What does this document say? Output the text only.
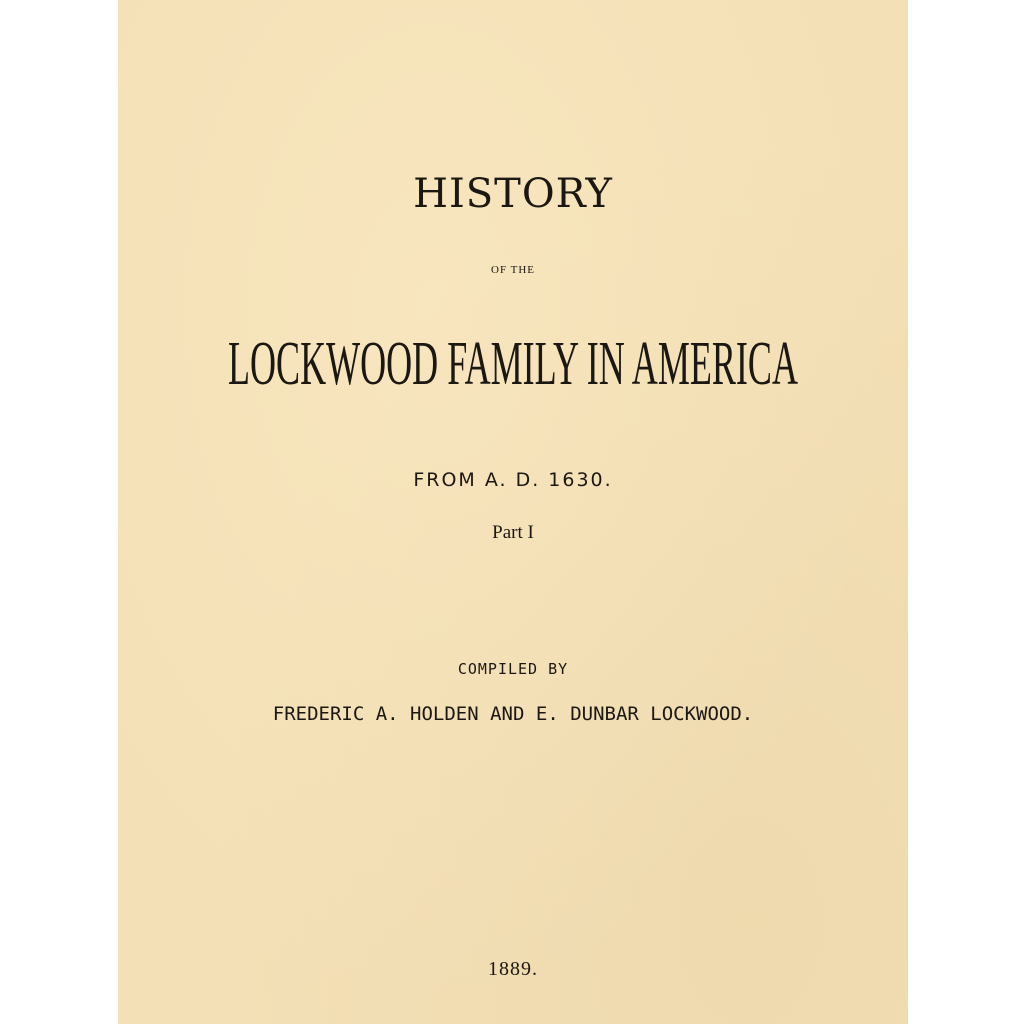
HISTORY
OF THE
LOCKWOOD FAMILY IN AMERICA
FROM A. D. 1630.
Part I
COMPILED BY
FREDERIC A. HOLDEN AND E. DUNBAR LOCKWOOD.
1889.
